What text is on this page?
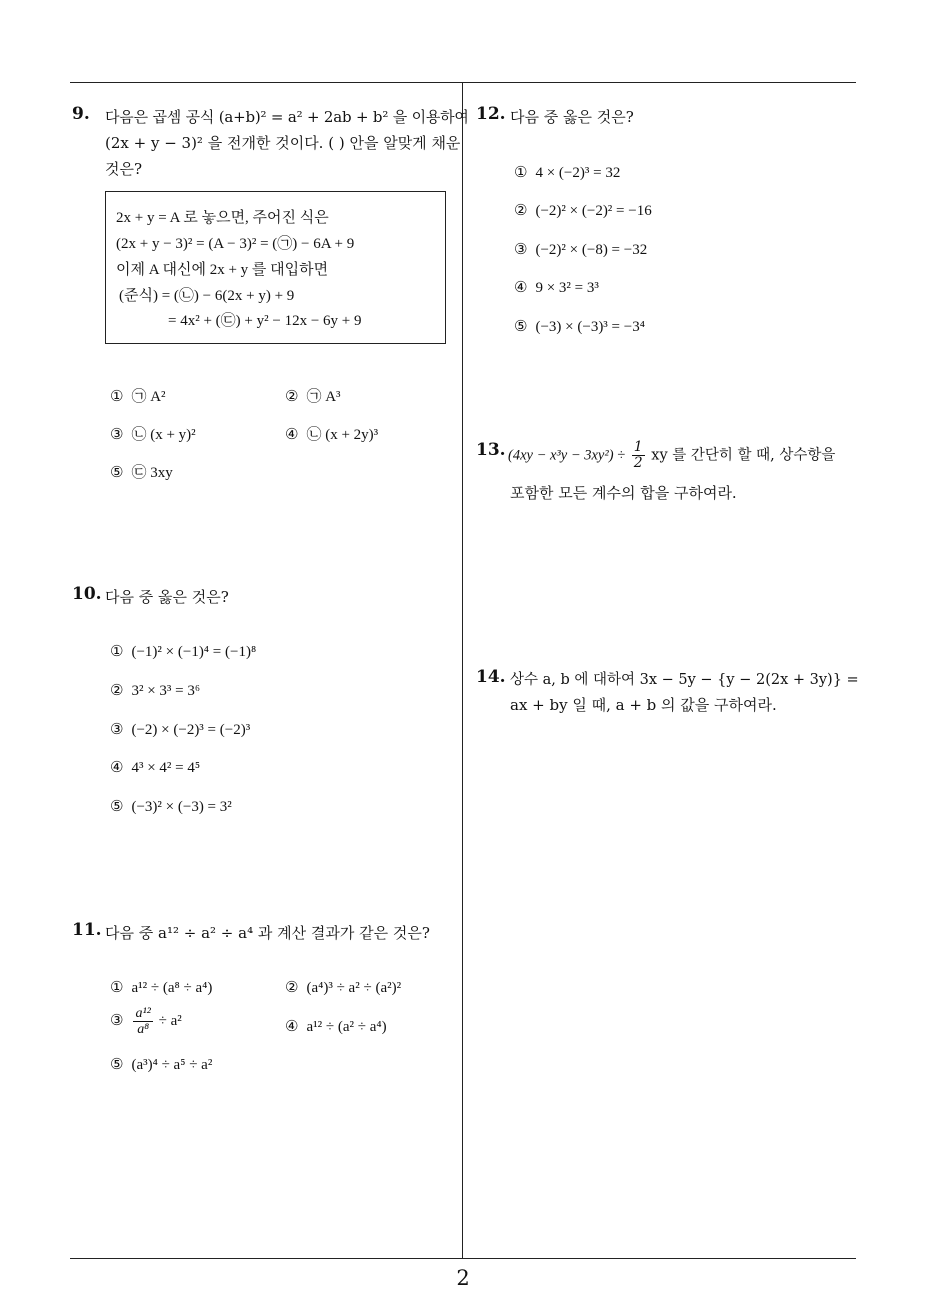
9. 다음은 곱셈 공식 (a+b)² = a² + 2ab + b² 을 이용하여
(2x + y − 3)² 을 전개한 것이다. ( ) 안을 알맞게 채운
것은?
2x + y = A 로 놓으면, 주어진 식은
(2x + y − 3)² = (A − 3)² = (㉠) − 6A + 9
이제 A 대신에 2x + y 를 대입하면
(준식) = (㉡) − 6(2x + y) + 9
= 4x² + (㉢) + y² − 12x − 6y + 9
① ㉠ A²	② ㉠ A³
③ ㉡ (x + y)²	④ ㉡ (x + 2y)³
⑤ ㉢ 3xy
10. 다음 중 옳은 것은?
① (−1)² × (−1)⁴ = (−1)⁸
② 3² × 3³ = 3⁶
③ (−2) × (−2)³ = (−2)³
④ 4³ × 4² = 4⁵
⑤ (−3)² × (−3) = 3²
11. 다음 중 a¹² ÷ a² ÷ a⁴ 과 계산 결과가 같은 것은?
① a¹² ÷ (a⁸ ÷ a⁴)	② (a⁴)³ ÷ a² ÷ (a²)²
③ $\frac{\text{a¹²}}{\text{a⁸}} \div a^2$	④ a¹² ÷ (a² ÷ a⁴)
⑤ (a³)⁴ ÷ a⁵ ÷ a²
12. 다음 중 옳은 것은?
① 4 × (−2)³ = 32
② (−2)² × (−2)² = −16
③ (−2)² × (−8) = −32
④ 9 × 3² = 3³
⑤ (−3) × (−3)³ = −3⁴
13. $(4xy - x^3y - 3xy^2) \div \frac{1}{2}$ xy 를 간단히 할 때, 상수항을
포함한 모든 계수의 합을 구하여라.
14. 상수 a, b 에 대하여 3x − 5y − {y − 2(2x + 3y)} =
ax + by 일 때, a + b 의 값을 구하여라.
2
